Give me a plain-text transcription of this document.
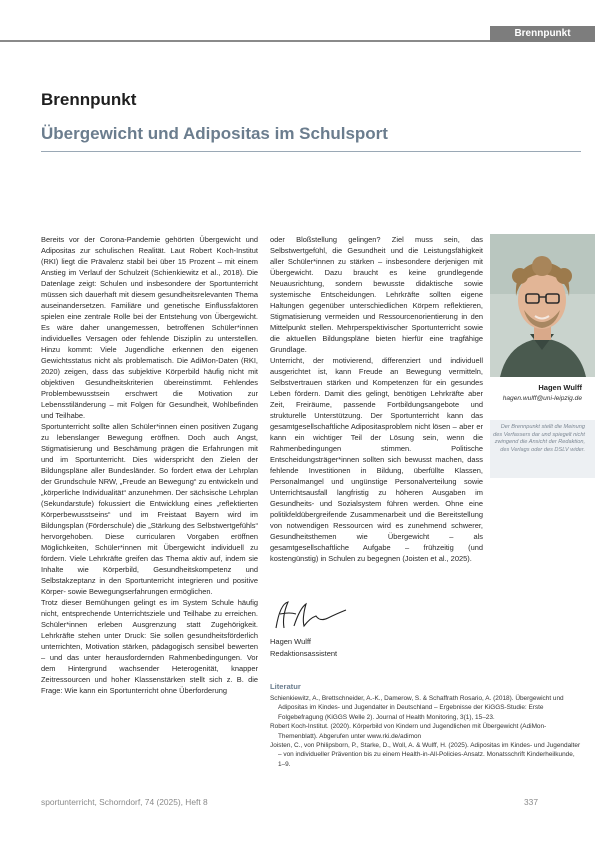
Brennpunkt
Brennpunkt
Übergewicht und Adipositas im Schulsport

Bereits vor der Corona-Pandemie gehörten Übergewicht und Adipositas zur schulischen Realität. Laut Robert Koch-Institut (RKI) liegt die Prävalenz stabil bei über 15 Prozent – mit einem Anstieg im Verlauf der Schulzeit (Schienkiewitz et al., 2018). Die Datenlage zeigt: Schulen und insbesondere der Sportunterricht müssen sich dauerhaft mit diesem gesundheitsrelevanten Thema auseinandersetzen. Familiäre und genetische Einflussfaktoren spielen eine zentrale Rolle bei der Entstehung von Übergewicht. Es wäre daher unangemessen, betroffenen Schüler*innen individuelles Versagen oder fehlende Disziplin zu unterstellen. Hinzu kommt: Viele Jugendliche erkennen den eigenen Gewichtsstatus nicht als problematisch. Die AdiMon-Daten (RKI, 2020) zeigen, dass das subjektive Körperbild häufig nicht mit objektiven Gesundheitskriterien übereinstimmt. Fehlendes Problembewusstsein erschwert die Motivation zur Lebensstiländerung – mit Folgen für Gesundheit, Wohlbefinden und Teilhabe.

Sportunterricht sollte allen Schüler*innen einen positiven Zugang zu lebenslanger Bewegung eröffnen. Doch auch Angst, Stigmatisierung und Beschämung prägen die Erfahrungen mit und im Sportunterricht. Dies widerspricht den Zielen der Bildungspläne aller Bundesländer. So fordert etwa der Lehrplan der Grundschule NRW, „Freude an Bewegung“ zu entwickeln und „körperliche Individualität“ anzunehmen. Der sächsische Lehrplan (Sekundarstufe) fokussiert die Entwicklung eines „reflektierten Körperbewusstseins“ und im Freistaat Bayern wird im Bildungsplan (Förderschule) die „Stärkung des Selbstwertgefühls“ hervorgehoben. Diese curricularen Vorgaben eröffnen Möglichkeiten, Schüler*innen mit Übergewicht individuell zu fördern. Viele Lehrkräfte greifen das Thema aktiv auf, indem sie Inhalte wie Körperbild, Gesundheitskompetenz und Selbstakzeptanz in den Sportunterricht integrieren und positive Körper- sowie Bewegungserfahrungen ermöglichen.

Trotz dieser Bemühungen gelingt es im System Schule häufig nicht, entsprechende Unterrichtsziele und Teilhabe zu erreichen. Schüler*innen erleben Ausgrenzung statt Zugehörigkeit. Lehrkräfte stehen unter Druck: Sie sollen gesundheitsförderlich unterrichten, Motivation stärken, pädagogisch sensibel bewerten – und das unter herausfordernden Rahmenbedingungen. Vor dem Hintergrund wachsender Heterogenität, knapper Zeitressourcen und hoher Klassenstärken stellt sich z. B. die Frage: Wie kann ein Sportunterricht ohne Überforderung

oder Bloßstellung gelingen? Ziel muss sein, das Selbstwertgefühl, die Gesundheit und die Leistungsfähigkeit aller Schüler*innen zu stärken – insbesondere derjenigen mit Übergewicht. Dazu braucht es keine grundlegende Neuausrichtung, sondern bewusste didaktische sowie systemische Entscheidungen. Lehrkräfte sollten eigene Haltungen gegenüber unterschiedlichen Körpern reflektieren, Stigmatisierung vermeiden und Ressourcenorientierung in den Mittelpunkt stellen. Mehrperspektivischer Sportunterricht sowie die aktuellen Bildungspläne bieten hierfür eine tragfähige Grundlage.

Unterricht, der motivierend, differenziert und individuell ausgerichtet ist, kann Freude an Bewegung vermitteln, Selbstvertrauen stärken und Kompetenzen für ein gesundes Leben fördern. Damit dies gelingt, benötigen Lehrkräfte aber Zeit, Freiräume, passende Fortbildungsangebote und strukturelle Unterstützung. Der Sportunterricht kann das gesamtgesellschaftliche Adipositasproblem nicht lösen – aber er kann ein wichtiger Teil der Lösung sein, wenn die Rahmenbedingungen stimmen. Politische Entscheidungsträger*innen sollten sich bewusst machen, dass fehlende Investitionen in Bildung, überfüllte Klassen, Personalmangel und ungünstige Personalverteilung sowie Unterrichtsausfall langfristig zu höheren Ausgaben im Gesundheits- und Sozialsystem führen werden. Ohne eine politikfeldübergreifende Zusammenarbeit und die Bereitstellung von notwendigen Ressourcen wird es zunehmend schwerer, Gesundheitsthemen wie Übergewicht – als gesamtgesellschaftliche Aufgabe – frühzeitig (und kostengünstig) in Schulen zu begegnen (Joisten et al., 2025).

Hagen Wulff
hagen.wulff@uni-leipzig.de
Der Brennpunkt stellt die Meinung des Verfassers dar und spiegelt nicht zwingend die Ansicht der Redaktion, des Verlags oder des DSLV wider.
Hagen Wulff
Redaktionsassistent
Literatur

Schienkiewitz, A., Brettschneider, A.-K., Damerow, S. & Schaffrath Rosario, A. (2018). Übergewicht und Adipositas im Kindes- und Jugendalter in Deutschland – Ergebnisse der KiGGS-Studie: Erste Folgebefragung (KiGGS Welle 2). Journal of Health Monitoring, 3(1), 15–23.

Robert Koch-Institut. (2020). Körperbild von Kindern und Jugendlichen mit Übergewicht (AdiMon-Themenblatt). Abgerufen unter www.rki.de/adimon

Joisten, C., von Philipsborn, P., Starke, D., Woll, A. & Wulff, H. (2025). Adipositas im Kindes- und Jugendalter – von individueller Prävention bis zu einem Health-in-All-Policies-Ansatz. Monatsschrift Kinderheilkunde, 1–9.

sportunterricht, Schorndorf, 74 (2025), Heft 8	337
